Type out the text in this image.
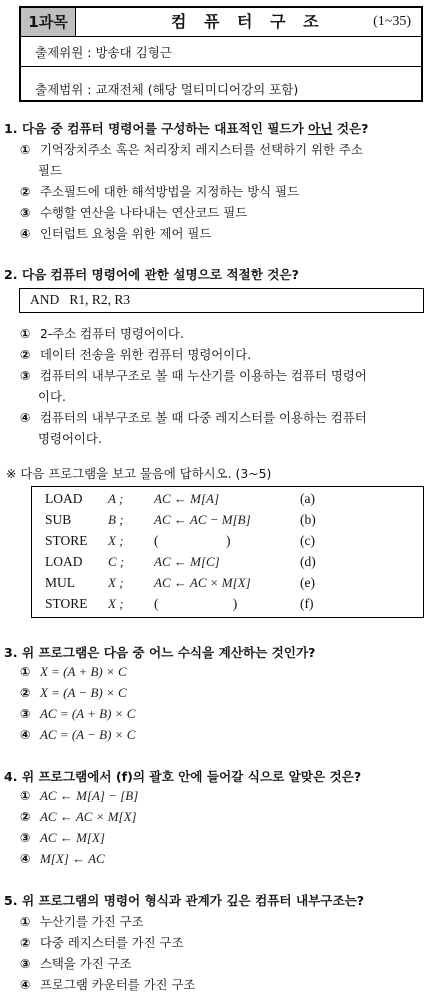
1과목	컴 퓨 터 구 조	(1~35)
출제위원 : 방송대 김형근
출제범위 : 교재전체 (해당 멀티미디어강의 포함)
1. 다음 중 컴퓨터 명령어를 구성하는 대표적인 필드가 아닌 것은?
① 기억장치주소 혹은 처리장치 레지스터를 선택하기 위한 주소
필드
② 주소필드에 대한 해석방법을 지정하는 방식 필드
③ 수행할 연산을 나타내는 연산코드 필드
④ 인터럽트 요청을 위한 제어 필드
2. 다음 컴퓨터 명령어에 관한 설명으로 적절한 것은?
AND   R1, R2, R3
① 2-주소 컴퓨터 명령어이다.
② 데이터 전송을 위한 컴퓨터 명령어이다.
③ 컴퓨터의 내부구조로 볼 때 누산기를 이용하는 컴퓨터 명령어
이다.
④ 컴퓨터의 내부구조로 볼 때 다중 레지스터를 이용하는 컴퓨터
명령어이다.
※ 다음 프로그램을 보고 물음에 답하시오. (3~5)
LOAD A ; AC ← M[A]	(a)
SUB	B ; AC ← AC − M[B]	(b)
STORE X ; (                    )	(c)
LOAD C ; AC ← M[C]	(d)
MUL	X ; AC ← AC × M[X]	(e)
STORE X ; (                      )	(f)
3. 위 프로그램은 다음 중 어느 수식을 계산하는 것인가?
① X = (A + B) × C
② X = (A − B) × C
③ AC = (A + B) × C
④ AC = (A − B) × C
4. 위 프로그램에서 (f)의 괄호 안에 들어갈 식으로 알맞은 것은?
① AC ← M[A] − [B]
② AC ← AC × M[X]
③ AC ← M[X]
④ M[X] ← AC
5. 위 프로그램의 명령어 형식과 관계가 깊은 컴퓨터 내부구조는?
① 누산기를 가진 구조
② 다중 레지스터를 가진 구조
③ 스택을 가진 구조
④ 프로그램 카운터를 가진 구조
